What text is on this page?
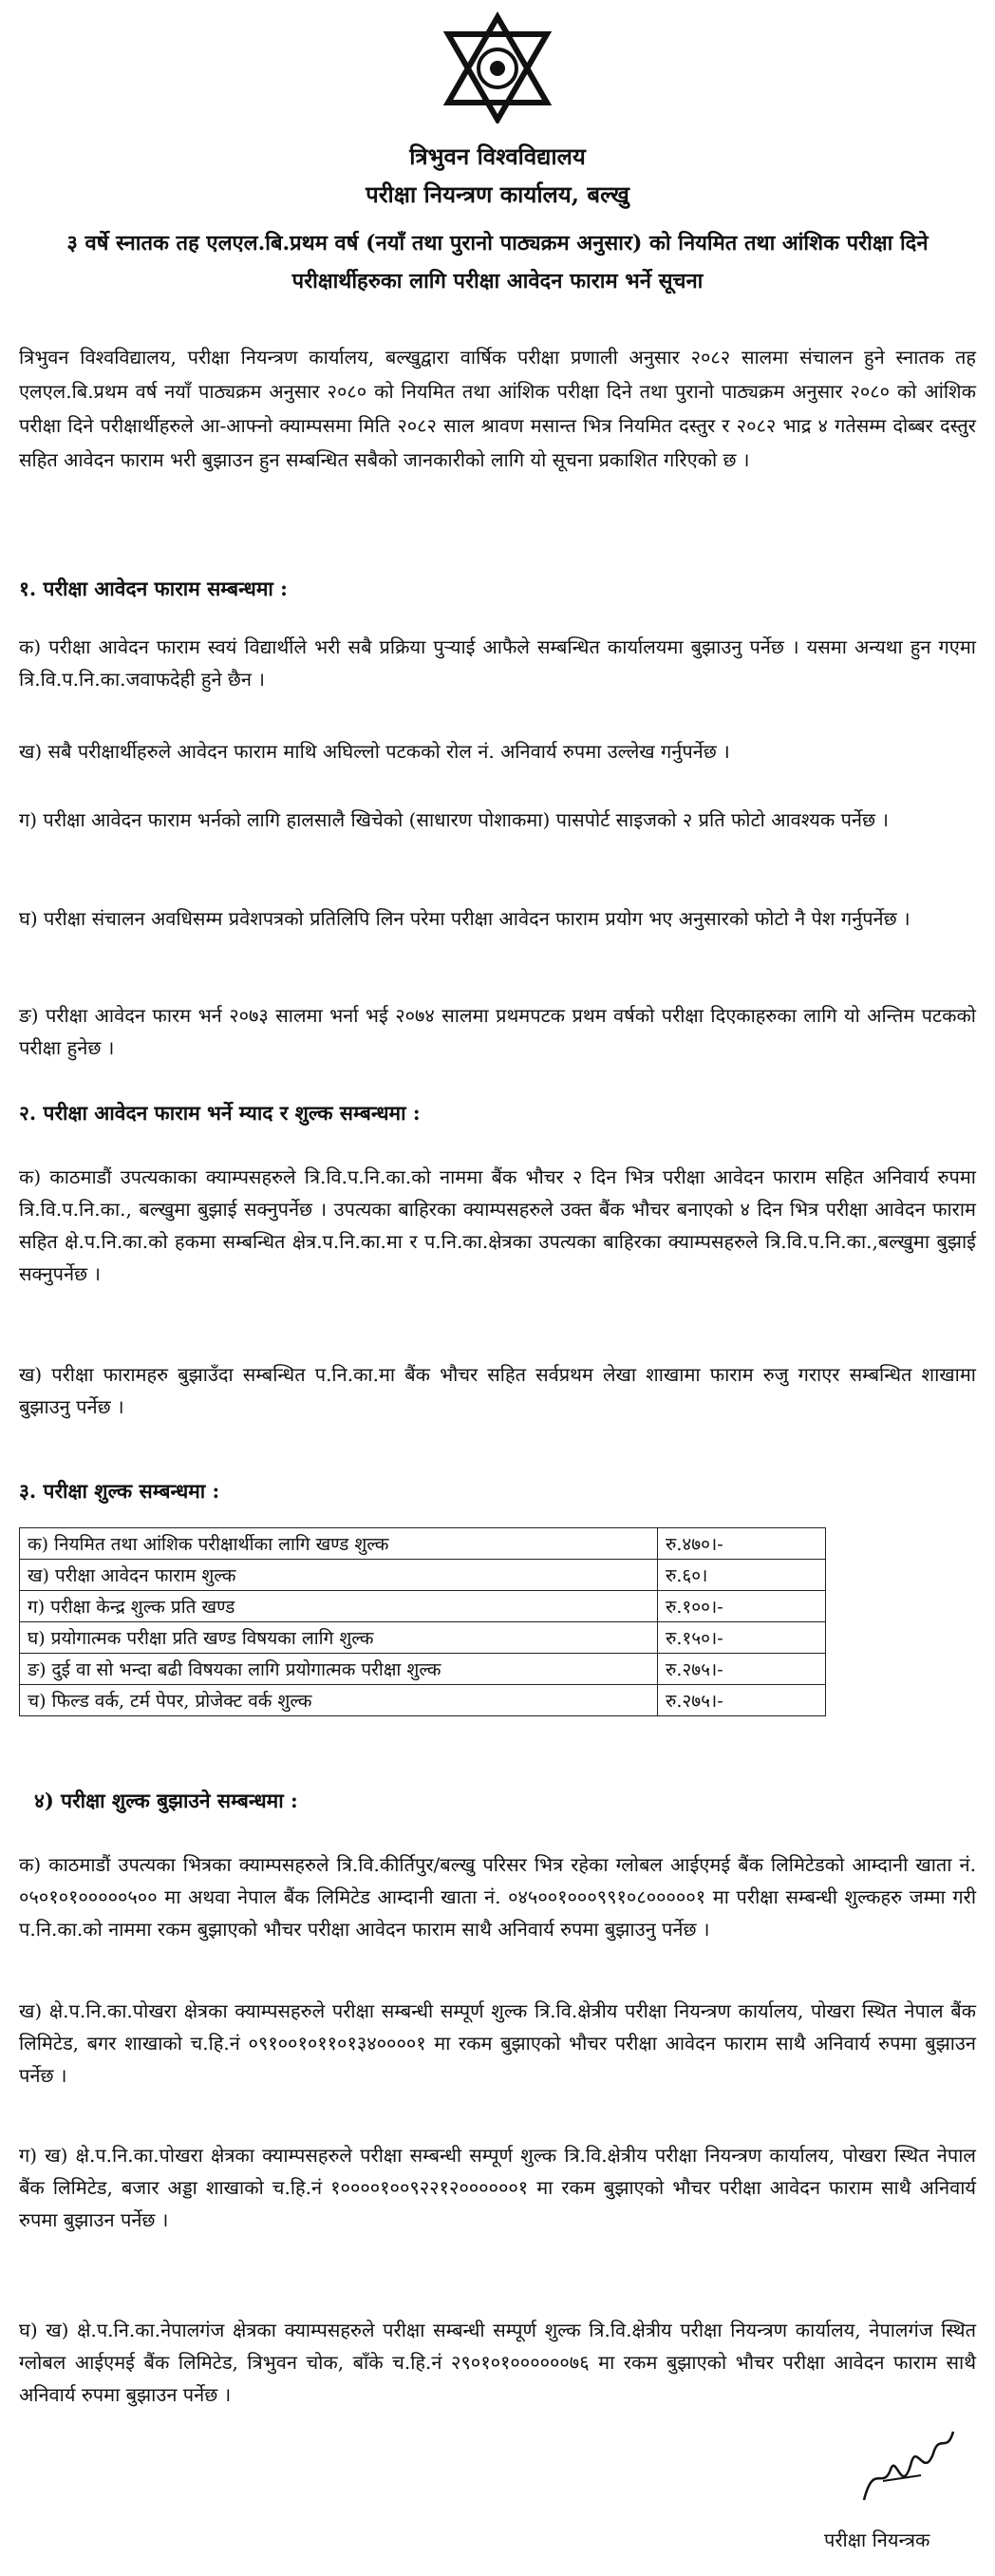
त्रिभुवन विश्वविद्यालय
परीक्षा नियन्त्रण कार्यालय, बल्खु
३ वर्षे स्नातक तह एलएल.बि.प्रथम वर्ष (नयाँ तथा पुरानो पाठ्यक्रम अनुसार) को नियमित तथा आंशिक परीक्षा दिने परीक्षार्थीहरुका लागि परीक्षा आवेदन फाराम भर्ने सूचना
त्रिभुवन विश्वविद्यालय, परीक्षा नियन्त्रण कार्यालय, बल्खुद्वारा वार्षिक परीक्षा प्रणाली अनुसार २०८२ सालमा संचालन हुने स्नातक तह एलएल.बि.प्रथम वर्ष नयाँ पाठ्यक्रम अनुसार २०८० को नियमित तथा आंशिक परीक्षा दिने तथा पुरानो पाठ्यक्रम अनुसार २०८० को आंशिक परीक्षा दिने परीक्षार्थीहरुले आ-आफ्नो क्याम्पसमा मिति २०८२ साल श्रावण मसान्त भित्र नियमित दस्तुर र २०८२ भाद्र ४ गतेसम्म दोब्बर दस्तुर सहित आवेदन फाराम भरी बुझाउन हुन सम्बन्धित सबैको जानकारीको लागि यो सूचना प्रकाशित गरिएको छ ।
१. परीक्षा आवेदन फाराम सम्बन्धमा :
क) परीक्षा आवेदन फाराम स्वयं विद्यार्थीले भरी सबै प्रक्रिया पुऱ्याई आफैले सम्बन्धित कार्यालयमा बुझाउनु पर्नेछ । यसमा अन्यथा हुन गएमा त्रि.वि.प.नि.का.जवाफदेही हुने छैन ।
ख) सबै परीक्षार्थीहरुले आवेदन फाराम माथि अघिल्लो पटकको रोल नं. अनिवार्य रुपमा उल्लेख गर्नुपर्नेछ ।
ग) परीक्षा आवेदन फाराम भर्नको लागि हालसालै खिचेको (साधारण पोशाकमा) पासपोर्ट साइजको २ प्रति फोटो आवश्यक पर्नेछ ।
घ) परीक्षा संचालन अवधिसम्म प्रवेशपत्रको प्रतिलिपि लिन परेमा परीक्षा आवेदन फाराम प्रयोग भए अनुसारको फोटो नै पेश गर्नुपर्नेछ ।
ङ) परीक्षा आवेदन फारम भर्न २०७३ सालमा भर्ना भई २०७४ सालमा प्रथमपटक प्रथम वर्षको परीक्षा दिएकाहरुका लागि यो अन्तिम पटकको परीक्षा हुनेछ ।
२. परीक्षा आवेदन फाराम भर्ने म्याद र शुल्क सम्बन्धमा :
क) काठमाडौं उपत्यकाका क्याम्पसहरुले त्रि.वि.प.नि.का.को नाममा बैंक भौचर २ दिन भित्र परीक्षा आवेदन फाराम सहित अनिवार्य रुपमा त्रि.वि.प.नि.का., बल्खुमा बुझाई सक्नुपर्नेछ । उपत्यका बाहिरका क्याम्पसहरुले उक्त बैंक भौचर बनाएको ४ दिन भित्र परीक्षा आवेदन फाराम सहित क्षे.प.नि.का.को हकमा सम्बन्धित क्षेत्र.प.नि.का.मा र प.नि.का.क्षेत्रका उपत्यका बाहिरका क्याम्पसहरुले त्रि.वि.प.नि.का.,बल्खुमा बुझाई सक्नुपर्नेछ ।
ख) परीक्षा फारामहरु बुझाउँदा सम्बन्धित प.नि.का.मा बैंक भौचर सहित सर्वप्रथम लेखा शाखामा फाराम रुजु गराएर सम्बन्धित शाखामा बुझाउनु पर्नेछ ।
३. परीक्षा शुल्क सम्बन्धमा :
क) नियमित तथा आंशिक परीक्षार्थीका लागि खण्ड शुल्क	रु.४७०।-
ख) परीक्षा आवेदन फाराम शुल्क	रु.६०।
ग) परीक्षा केन्द्र शुल्क प्रति खण्ड	रु.१००।-
घ) प्रयोगात्मक परीक्षा प्रति खण्ड विषयका लागि शुल्क	रु.१५०।-
ङ) दुई वा सो भन्दा बढी विषयका लागि प्रयोगात्मक परीक्षा शुल्क	रु.२७५।-
च) फिल्ड वर्क, टर्म पेपर, प्रोजेक्ट वर्क शुल्क	रु.२७५।-
४) परीक्षा शुल्क बुझाउने सम्बन्धमा :
क) काठमाडौं उपत्यका भित्रका क्याम्पसहरुले त्रि.वि.कीर्तिपुर/बल्खु परिसर भित्र रहेका ग्लोबल आईएमई बैंक लिमिटेडको आम्दानी खाता नं. ०५०१०१०००००५०० मा अथवा नेपाल बैंक लिमिटेड आम्दानी खाता नं. ०४५००१०००९९१०८०००००१ मा परीक्षा सम्बन्धी शुल्कहरु जम्मा गरी प.नि.का.को नाममा रकम बुझाएको भौचर परीक्षा आवेदन फाराम साथै अनिवार्य रुपमा बुझाउनु पर्नेछ ।
ख) क्षे.प.नि.का.पोखरा क्षेत्रका क्याम्पसहरुले परीक्षा सम्बन्धी सम्पूर्ण शुल्क त्रि.वि.क्षेत्रीय परीक्षा नियन्त्रण कार्यालय, पोखरा स्थित नेपाल बैंक लिमिटेड, बगर शाखाको च.हि.नं ०९१००१०११०१३४००००१ मा रकम बुझाएको भौचर परीक्षा आवेदन फाराम साथै अनिवार्य रुपमा बुझाउन पर्नेछ ।
ग) ख) क्षे.प.नि.का.पोखरा क्षेत्रका क्याम्पसहरुले परीक्षा सम्बन्धी सम्पूर्ण शुल्क त्रि.वि.क्षेत्रीय परीक्षा नियन्त्रण कार्यालय, पोखरा स्थित नेपाल बैंक लिमिटेड, बजार अड्डा शाखाको च.हि.नं १००००१००९२२१२००००००१ मा रकम बुझाएको भौचर परीक्षा आवेदन फाराम साथै अनिवार्य रुपमा बुझाउन पर्नेछ ।
घ) ख) क्षे.प.नि.का.नेपालगंज क्षेत्रका क्याम्पसहरुले परीक्षा सम्बन्धी सम्पूर्ण शुल्क त्रि.वि.क्षेत्रीय परीक्षा नियन्त्रण कार्यालय, नेपालगंज स्थित ग्लोबल आईएमई बैंक लिमिटेड, त्रिभुवन चोक, बाँके च.हि.नं २९०१०१००००००७६ मा रकम बुझाएको भौचर परीक्षा आवेदन फाराम साथै अनिवार्य रुपमा बुझाउन पर्नेछ ।
परीक्षा नियन्त्रक
